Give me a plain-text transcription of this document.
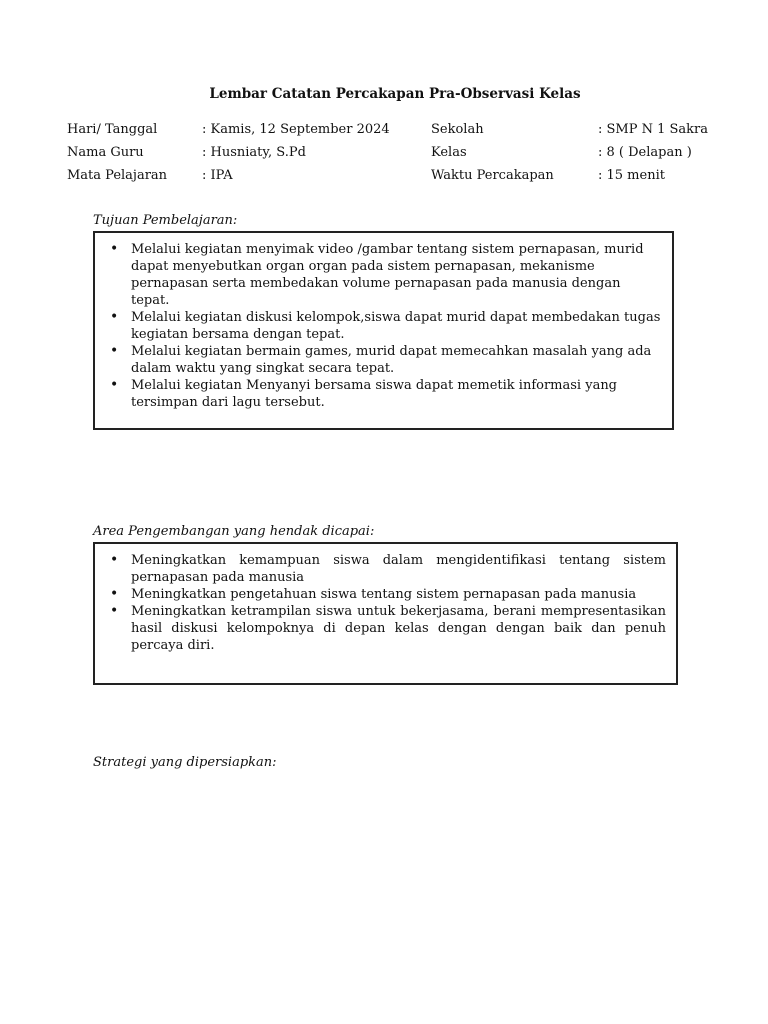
Lembar Catatan Percakapan Pra-Observasi Kelas
Hari/ Tanggal	: Kamis, 12 September 2024	Sekolah	: SMP N 1 Sakra
Nama Guru	: Husniaty, S.Pd	Kelas	: 8 ( Delapan )
Mata Pelajaran	: IPA	Waktu Percakapan	: 15 menit
Tujuan Pembelajaran:
• Melalui kegiatan menyimak video /gambar tentang sistem pernapasan, murid dapat menyebutkan organ organ pada sistem pernapasan, mekanisme pernapasan serta membedakan volume pernapasan pada manusia dengan tepat.
• Melalui kegiatan diskusi kelompok,siswa dapat murid dapat membedakan tugas kegiatan bersama dengan tepat.
• Melalui kegiatan bermain games, murid dapat memecahkan masalah yang ada dalam waktu yang singkat secara tepat.
• Melalui kegiatan Menyanyi bersama siswa dapat memetik informasi yang tersimpan dari lagu tersebut.
Area Pengembangan yang hendak dicapai:
• Meningkatkan kemampuan siswa dalam mengidentifikasi tentang sistem pernapasan pada manusia
• Meningkatkan pengetahuan siswa tentang sistem pernapasan pada manusia
• Meningkatkan ketrampilan siswa untuk bekerjasama, berani mempresentasikan hasil diskusi kelompoknya di depan kelas dengan dengan baik dan penuh percaya diri.
Strategi yang dipersiapkan:
